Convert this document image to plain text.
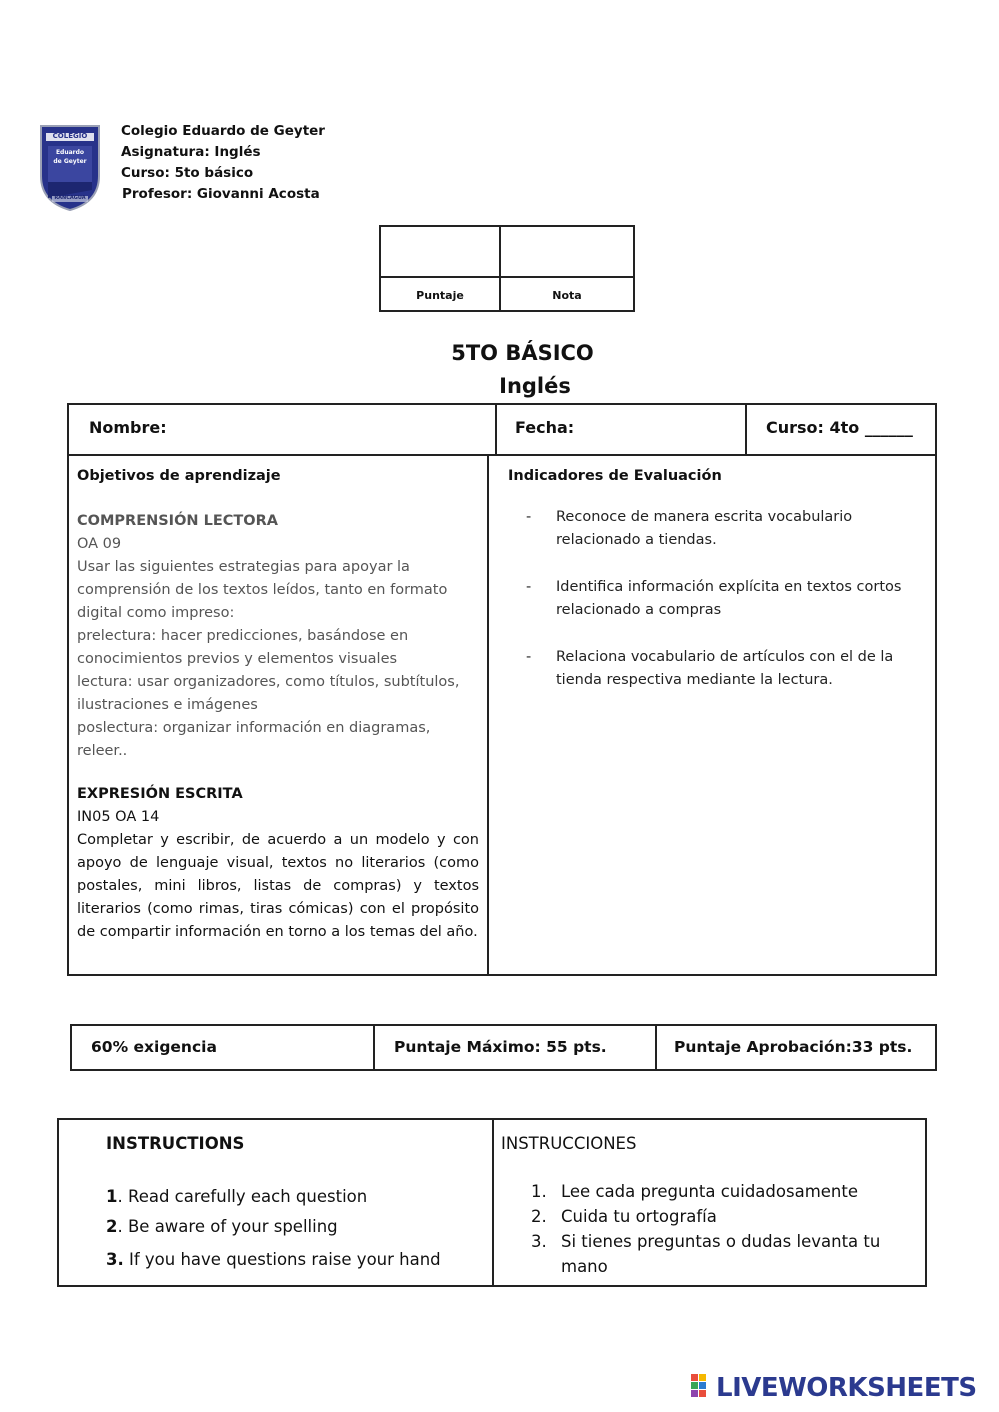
COLEGIO
Eduardo de Geyter
RANCAGUA
Colegio Eduardo de Geyter
Asignatura: Inglés
Curso: 5to básico
Profesor: Giovanni Acosta
Puntaje	Nota
5TO BÁSICO
Inglés
Nombre:	Fecha:	Curso: 4to ______
Objetivos de aprendizaje
COMPRENSIÓN LECTORA
OA 09
Usar las siguientes estrategias para apoyar la
comprensión de los textos leídos, tanto en formato
digital como impreso:
prelectura: hacer predicciones, basándose en
conocimientos previos y elementos visuales
lectura: usar organizadores, como títulos, subtítulos,
ilustraciones e imágenes
poslectura: organizar información en diagramas,
releer..
EXPRESIÓN ESCRITA
IN05 OA 14
Completar y escribir, de acuerdo a un modelo y con apoyo de lenguaje visual, textos no literarios (como postales, mini libros, listas de compras) y textos literarios (como rimas, tiras cómicas) con el propósito de compartir información en torno a los temas del año.
Indicadores de Evaluación
- Reconoce de manera escrita vocabulario relacionado a tiendas.
- Identifica información explícita en textos cortos relacionado a compras
- Relaciona vocabulario de artículos con el de la tienda respectiva mediante la lectura.
60% exigencia	Puntaje Máximo: 55 pts.	Puntaje Aprobación:33 pts.
INSTRUCTIONS
1. Read carefully each question
2. Be aware of your spelling
3. If you have questions raise your hand
INSTRUCCIONES
1. Lee cada pregunta cuidadosamente
2. Cuida tu ortografía
3. Si tienes preguntas o dudas levanta tu mano
LIVEWORKSHEETS
